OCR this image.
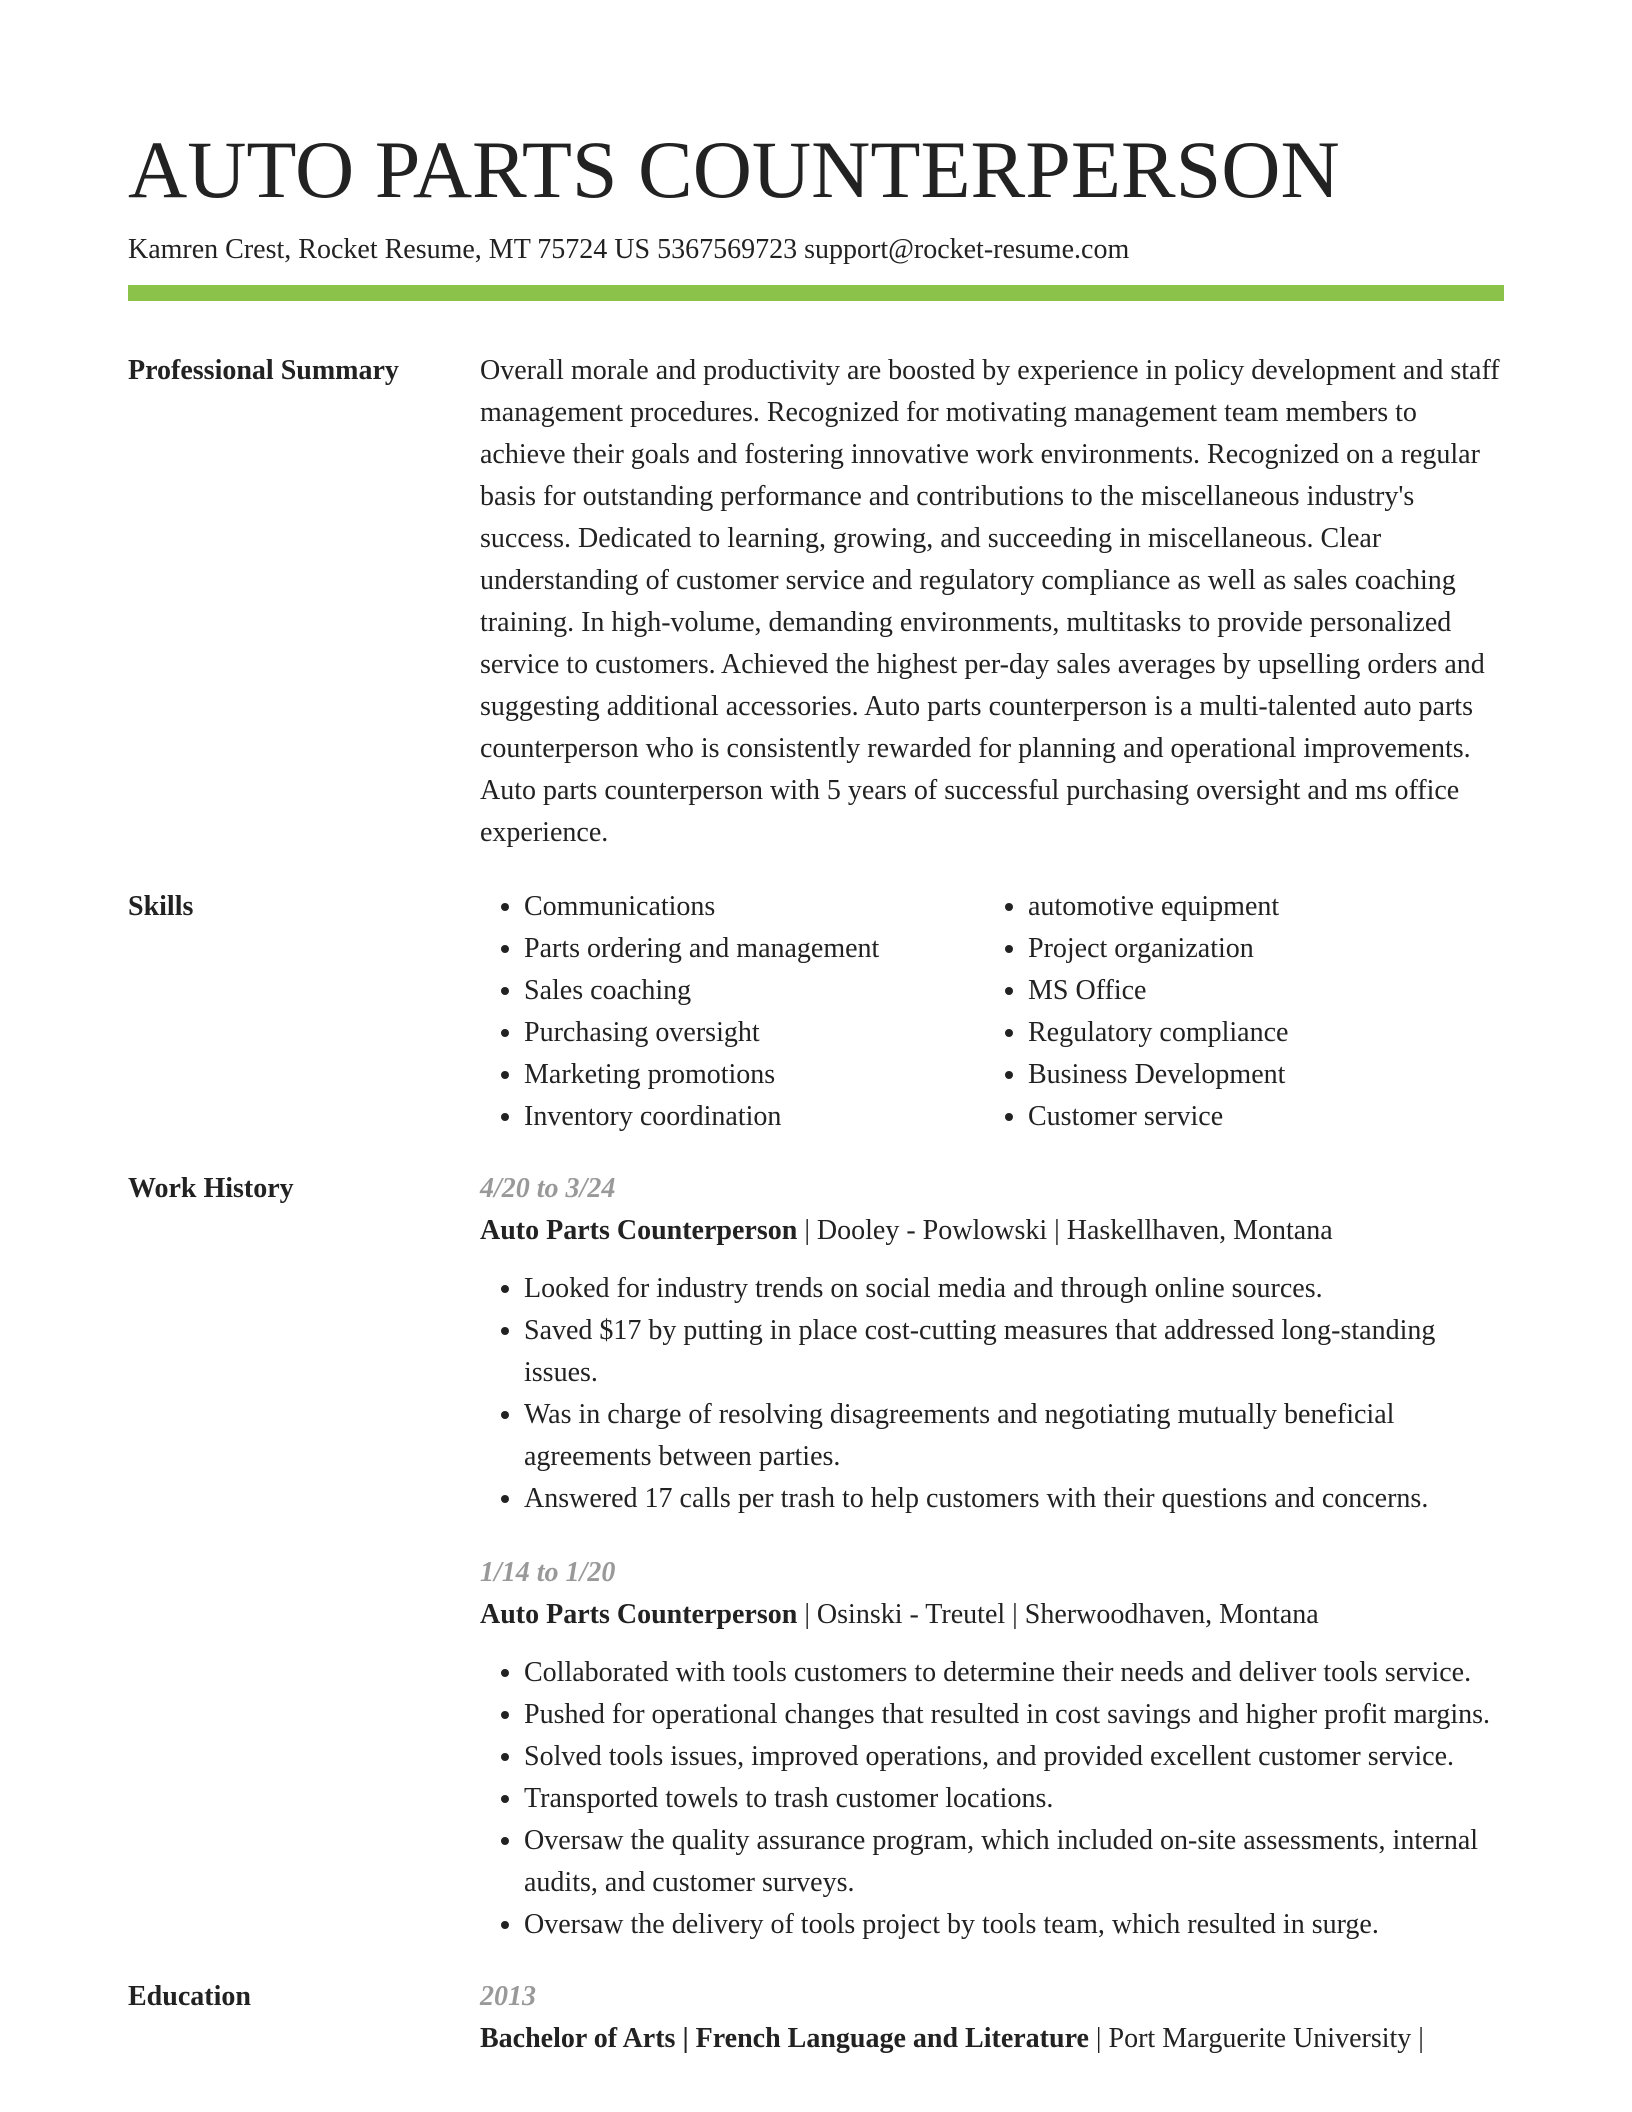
AUTO PARTS COUNTERPERSON
Kamren Crest, Rocket Resume, MT 75724 US 5367569723 support@rocket-resume.com
Professional Summary	Overall morale and productivity are boosted by experience in policy development and staff management procedures. Recognized for motivating management team members to achieve their goals and fostering innovative work environments. Recognized on a regular basis for outstanding performance and contributions to the miscellaneous industry's success. Dedicated to learning, growing, and succeeding in miscellaneous. Clear understanding of customer service and regulatory compliance as well as sales coaching training. In high-volume, demanding environments, multitasks to provide personalized service to customers. Achieved the highest per-day sales averages by upselling orders and suggesting additional accessories. Auto parts counterperson is a multi-talented auto parts counterperson who is consistently rewarded for planning and operational improvements. Auto parts counterperson with 5 years of successful purchasing oversight and ms office experience.

Skills
•	Communications
• Parts ordering and management
• Sales coaching
• Purchasing oversight
• Marketing promotions
• Inventory coordination
• automotive equipment
• Project organization
• MS Office
• Regulatory compliance
• Business Development
• Customer service
Work History	4/20 to 3/24
Auto Parts Counterperson | Dooley - Powlowski | Haskellhaven, Montana
• Looked for industry trends on social media and through online sources.
• Saved $17 by putting in place cost-cutting measures that addressed long-standing issues.
• Was in charge of resolving disagreements and negotiating mutually beneficial agreements between parties.
• Answered 17 calls per trash to help customers with their questions and concerns.
1/14 to 1/20
Auto Parts Counterperson | Osinski - Treutel | Sherwoodhaven, Montana
• Collaborated with tools customers to determine their needs and deliver tools service.
• Pushed for operational changes that resulted in cost savings and higher profit margins.
• Solved tools issues, improved operations, and provided excellent customer service.
• Transported towels to trash customer locations.
• Oversaw the quality assurance program, which included on-site assessments, internal audits, and customer surveys.
• Oversaw the delivery of tools project by tools team, which resulted in surge.
Education	2013
Bachelor of Arts | French Language and Literature | Port Marguerite University |
